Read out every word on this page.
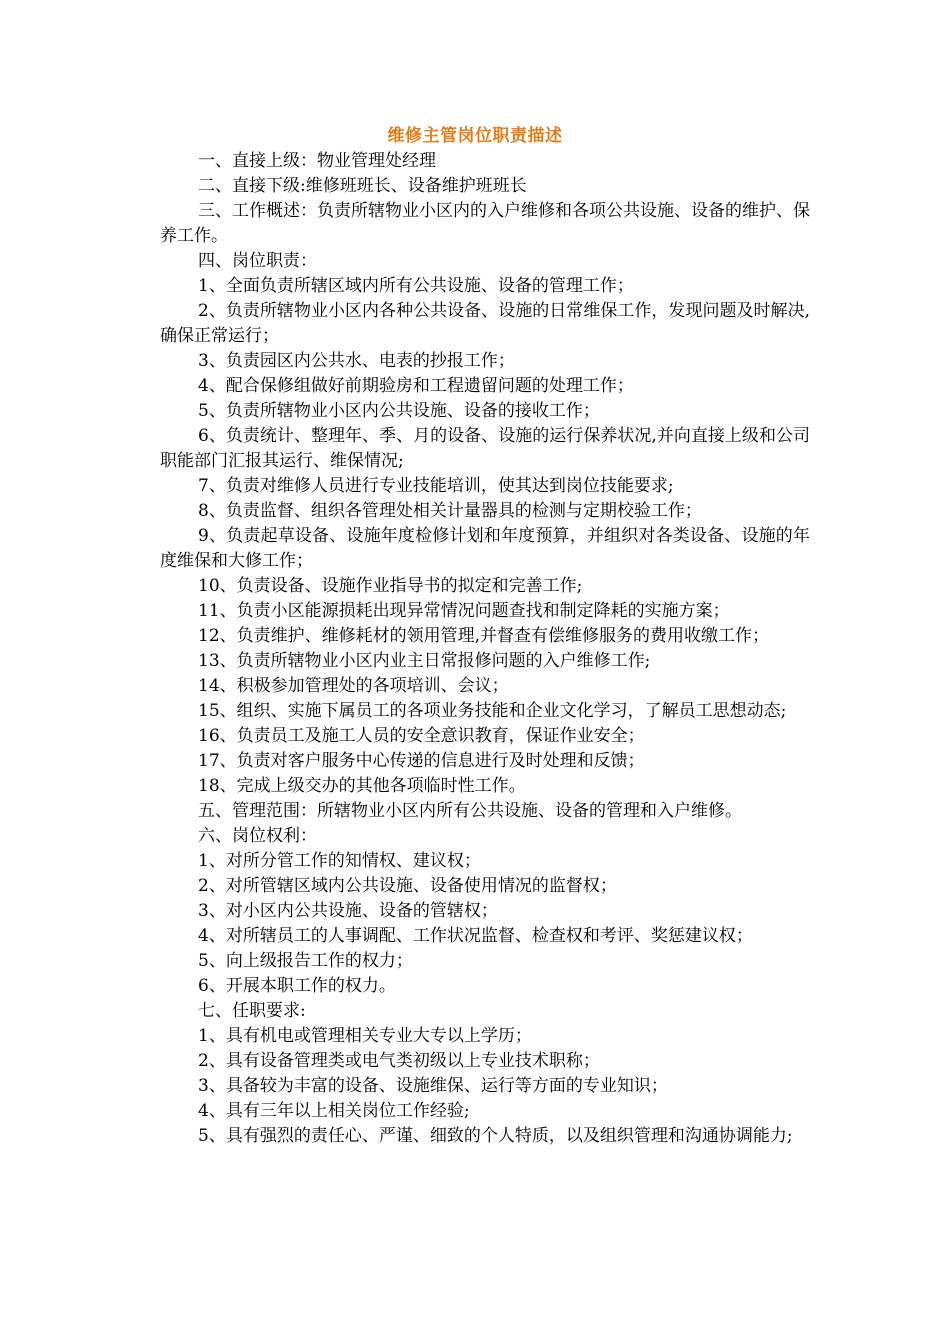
维修主管岗位职责描述

一、直接上级：物业管理处经理

二、直接下级:维修班班长、设备维护班班长

三、工作概述：负责所辖物业小区内的入户维修和各项公共设施、设备的维护、保养工作。

四、岗位职责：

1、全面负责所辖区域内所有公共设施、设备的管理工作；

2、负责所辖物业小区内各种公共设备、设施的日常维保工作，发现问题及时解决,确保正常运行；

3、负责园区内公共水、电表的抄报工作；

4、配合保修组做好前期验房和工程遗留问题的处理工作；

5、负责所辖物业小区内公共设施、设备的接收工作；

6、负责统计、整理年、季、月的设备、设施的运行保养状况,并向直接上级和公司职能部门汇报其运行、维保情况;

7、负责对维修人员进行专业技能培训，使其达到岗位技能要求;

8、负责监督、组织各管理处相关计量器具的检测与定期校验工作；

9、负责起草设备、设施年度检修计划和年度预算，并组织对各类设备、设施的年度维保和大修工作；

10、负责设备、设施作业指导书的拟定和完善工作;

11、负责小区能源损耗出现异常情况问题查找和制定降耗的实施方案；

12、负责维护、维修耗材的领用管理,并督查有偿维修服务的费用收缴工作；

13、负责所辖物业小区内业主日常报修问题的入户维修工作;

14、积极参加管理处的各项培训、会议；

15、组织、实施下属员工的各项业务技能和企业文化学习，了解员工思想动态;

16、负责员工及施工人员的安全意识教育，保证作业安全；

17、负责对客户服务中心传递的信息进行及时处理和反馈；

18、完成上级交办的其他各项临时性工作。

五、管理范围：所辖物业小区内所有公共设施、设备的管理和入户维修。

六、岗位权利：

1、对所分管工作的知情权、建议权；

2、对所管辖区域内公共设施、设备使用情况的监督权；

3、对小区内公共设施、设备的管辖权；

4、对所辖员工的人事调配、工作状况监督、检查权和考评、奖惩建议权；

5、向上级报告工作的权力；

6、开展本职工作的权力。

七、任职要求:

1、具有机电或管理相关专业大专以上学历；

2、具有设备管理类或电气类初级以上专业技术职称；

3、具备较为丰富的设备、设施维保、运行等方面的专业知识；

4、具有三年以上相关岗位工作经验;

5、具有强烈的责任心、严谨、细致的个人特质，以及组织管理和沟通协调能力;
